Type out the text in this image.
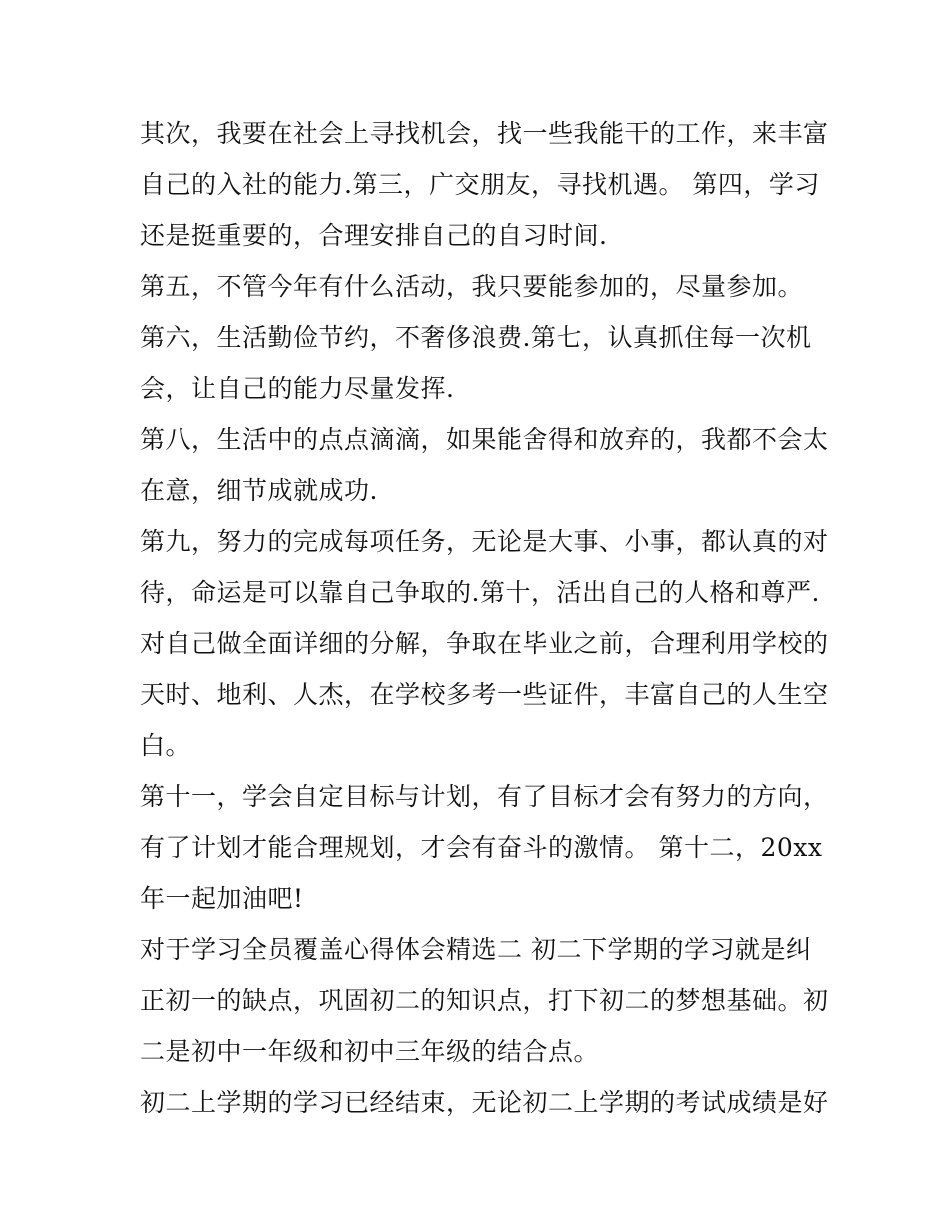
其次，我要在社会上寻找机会，找一些我能干的工作，来丰富
自己的入社的能力.第三，广交朋友，寻找机遇。 第四，学习
还是挺重要的，合理安排自己的自习时间.
第五，不管今年有什么活动，我只要能参加的，尽量参加。
第六，生活勤俭节约，不奢侈浪费.第七，认真抓住每一次机
会，让自己的能力尽量发挥.
第八，生活中的点点滴滴，如果能舍得和放弃的，我都不会太
在意，细节成就成功.
第九，努力的完成每项任务，无论是大事、小事，都认真的对
待，命运是可以靠自己争取的.第十，活出自己的人格和尊严.
对自己做全面详细的分解，争取在毕业之前，合理利用学校的
天时、地利、人杰，在学校多考一些证件，丰富自己的人生空
白。
第十一，学会自定目标与计划，有了目标才会有努力的方向，
有了计划才能合理规划，才会有奋斗的激情。 第十二，20xx
年一起加油吧!
对于学习全员覆盖心得体会精选二 初二下学期的学习就是纠
正初一的缺点，巩固初二的知识点，打下初二的梦想基础。初
二是初中一年级和初中三年级的结合点。
初二上学期的学习已经结束，无论初二上学期的考试成绩是好
